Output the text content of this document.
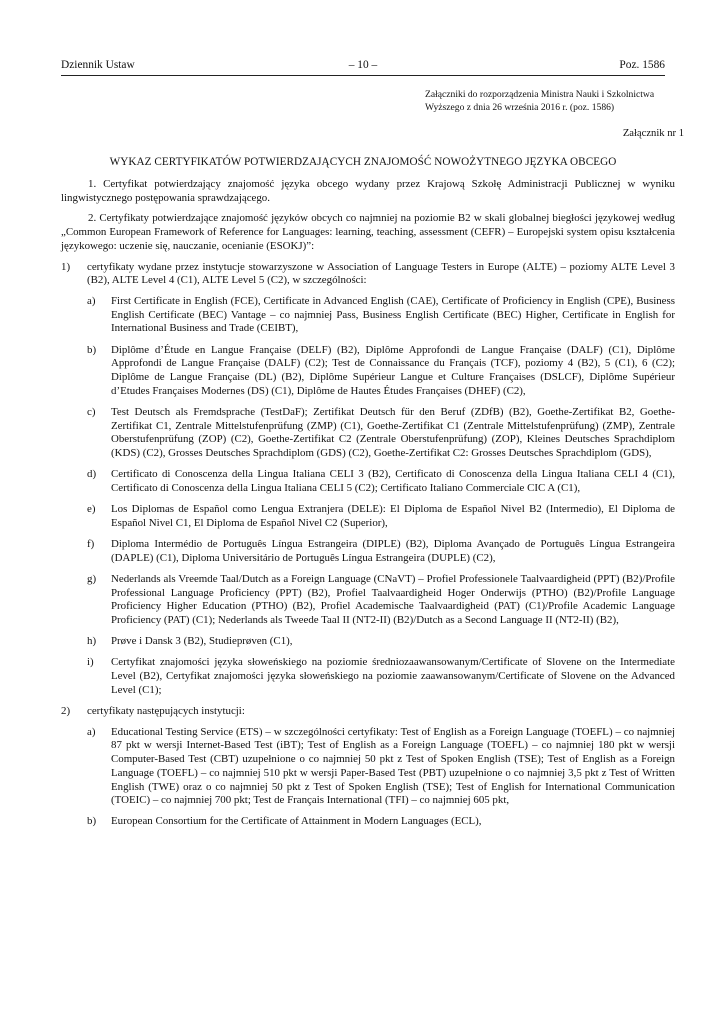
Dziennik Ustaw	– 10 –	Poz. 1586
Załączniki do rozporządzenia Ministra Nauki i Szkolnictwa
Wyższego z dnia 26 września 2016 r. (poz. 1586)
Załącznik nr 1
WYKAZ CERTYFIKATÓW POTWIERDZAJĄCYCH ZNAJOMOŚĆ NOWOŻYTNEGO JĘZYKA OBCEGO

1. Certyfikat potwierdzający znajomość języka obcego wydany przez Krajową Szkołę Administracji Publicznej w wyniku lingwistycznego postępowania sprawdzającego.

2. Certyfikaty potwierdzające znajomość języków obcych co najmniej na poziomie B2 w skali globalnej biegłości językowej według „Common European Framework of Reference for Languages: learning, teaching, assessment (CEFR) – Europejski system opisu kształcenia językowego: uczenie się, nauczanie, ocenianie (ESOKJ)”:

1) certyfikaty wydane przez instytucje stowarzyszone w Association of Language Testers in Europe (ALTE) – poziomy ALTE Level 3 (B2), ALTE Level 4 (C1), ALTE Level 5 (C2), w szczególności:
a) First Certificate in English (FCE), Certificate in Advanced English (CAE), Certificate of Proficiency in English (CPE), Business English Certificate (BEC) Vantage – co najmniej Pass, Business English Certificate (BEC) Higher, Certificate in English for International Business and Trade (CEIBT),
b) Diplôme d’Étude en Langue Française (DELF) (B2), Diplôme Approfondi de Langue Française (DALF) (C1), Diplôme Approfondi de Langue Française (DALF) (C2); Test de Connaissance du Français (TCF), poziomy 4 (B2), 5 (C1), 6 (C2); Diplôme de Langue Française (DL) (B2), Diplôme Supérieur Langue et Culture Françaises (DSLCF), Diplôme Supérieur d’Etudes Françaises Modernes (DS) (C1), Diplôme de Hautes Études Françaises (DHEF) (C2),
c) Test Deutsch als Fremdsprache (TestDaF); Zertifikat Deutsch für den Beruf (ZDfB) (B2), Goethe-Zertifikat B2, Goethe-Zertifikat C1, Zentrale Mittelstufenprüfung (ZMP) (C1), Goethe-Zertifikat C1 (Zentrale Mittelstufenprüfung) (ZMP), Zentrale Oberstufenprüfung (ZOP) (C2), Goethe-Zertifikat C2 (Zentrale Oberstufenprüfung) (ZOP), Kleines Deutsches Sprachdiplom (KDS) (C2), Grosses Deutsches Sprachdiplom (GDS) (C2), Goethe-Zertifikat C2: Grosses Deutsches Sprachdiplom (GDS),
d) Certificato di Conoscenza della Lingua Italiana CELI 3 (B2), Certificato di Conoscenza della Lingua Italiana CELI 4 (C1), Certificato di Conoscenza della Lingua Italiana CELI 5 (C2); Certificato Italiano Commerciale CIC A (C1),
e) Los Diplomas de Español como Lengua Extranjera (DELE): El Diploma de Español Nivel B2 (Intermedio), El Diploma de Español Nivel C1, El Diploma de Español Nivel C2 (Superior),
f) Diploma Intermédio de Português Língua Estrangeira (DIPLE) (B2), Diploma Avançado de Português Língua Estrangeira (DAPLE) (C1), Diploma Universitário de Português Língua Estrangeira (DUPLE) (C2),
g) Nederlands als Vreemde Taal/Dutch as a Foreign Language (CNaVT) – Profiel Professionele Taalvaardigheid (PPT) (B2)/Profile Professional Language Proficiency (PPT) (B2), Profiel Taalvaardigheid Hoger Onderwijs (PTHO) (B2)/Profile Language Proficiency Higher Education (PTHO) (B2), Profiel Academische Taalvaardigheid (PAT) (C1)/Profile Academic Language Proficiency (PAT) (C1); Nederlands als Tweede Taal II (NT2-II) (B2)/Dutch as a Second Language II (NT2-II) (B2),
h) Prøve i Dansk 3 (B2), Studieprøven (C1),
i) Certyfikat znajomości języka słoweńskiego na poziomie średniozaawansowanym/Certificate of Slovene on the Intermediate Level (B2), Certyfikat znajomości języka słoweńskiego na poziomie zaawansowanym/Certificate of Slovene on the Advanced Level (C1);
2) certyfikaty następujących instytucji:
a) Educational Testing Service (ETS) – w szczególności certyfikaty: Test of English as a Foreign Language (TOEFL) – co najmniej 87 pkt w wersji Internet-Based Test (iBT); Test of English as a Foreign Language (TOEFL) – co najmniej 180 pkt w wersji Computer-Based Test (CBT) uzupełnione o co najmniej 50 pkt z Test of Spoken English (TSE); Test of English as a Foreign Language (TOEFL) – co najmniej 510 pkt w wersji Paper-Based Test (PBT) uzupełnione o co najmniej 3,5 pkt z Test of Written English (TWE) oraz o co najmniej 50 pkt z Test of Spoken English (TSE); Test of English for International Communication (TOEIC) – co najmniej 700 pkt; Test de Français International (TFI) – co najmniej 605 pkt,
b) European Consortium for the Certificate of Attainment in Modern Languages (ECL),
